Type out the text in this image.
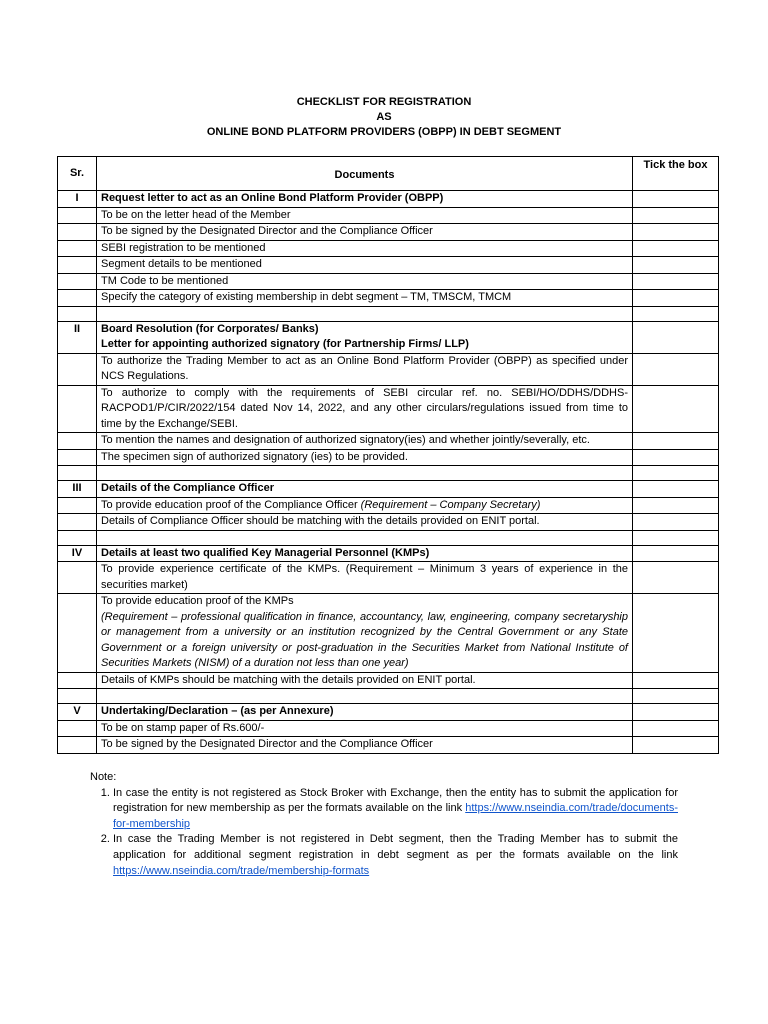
CHECKLIST FOR REGISTRATION
AS
ONLINE BOND PLATFORM PROVIDERS (OBPP) IN DEBT SEGMENT
Sr.	Documents	Tick the box
I	Request letter to act as an Online Bond Platform Provider (OBPP)	
	To be on the letter head of the Member	
	To be signed by the Designated Director and the Compliance Officer	
	SEBI registration to be mentioned	
	Segment details to be mentioned	
	TM Code to be mentioned	
	Specify the category of existing membership in debt segment – TM, TMSCM, TMCM	

II	Board Resolution (for Corporates/ Banks)
Letter for appointing authorized signatory (for Partnership Firms/ LLP)	

	To authorize the Trading Member to act as an Online Bond Platform Provider (OBPP) as specified under NCS Regulations.	
	To authorize to comply with the requirements of SEBI circular ref. no. SEBI/HO/DDHS/DDHS-RACPOD1/P/CIR/2022/154 dated Nov 14, 2022, and any other circulars/regulations issued from time to time by the Exchange/SEBI.	
	To mention the names and designation of authorized signatory(ies) and whether jointly/severally, etc.	
	The specimen sign of authorized signatory (ies) to be provided.	

III	Details of the Compliance Officer	
	To provide education proof of the Compliance Officer (Requirement – Company Secretary)	
	Details of Compliance Officer should be matching with the details provided on ENIT portal.	

IV	Details at least two qualified Key Managerial Personnel (KMPs)	
	To provide experience certificate of the KMPs. (Requirement – Minimum 3 years of experience in the securities market)	

	To provide education proof of the KMPs
(Requirement – professional qualification in finance, accountancy, law, engineering, company secretaryship or management from a university or an institution recognized by the Central Government or any State Government or a foreign university or post-graduation in the Securities Market from National Institute of Securities Markets (NISM) of a duration not less than one year)	
	Details of KMPs should be matching with the details provided on ENIT portal.	

V	Undertaking/Declaration – (as per Annexure)	
	To be on stamp paper of Rs.600/-	
	To be signed by the Designated Director and the Compliance Officer	
Note:
1. In case the entity is not registered as Stock Broker with Exchange, then the entity has to submit the application for registration for new membership as per the formats available on the link https://www.nseindia.com/trade/documents-for-membership
2. In case the Trading Member is not registered in Debt segment, then the Trading Member has to submit the application for additional segment registration in debt segment as per the formats available on the link https://www.nseindia.com/trade/membership-formats
